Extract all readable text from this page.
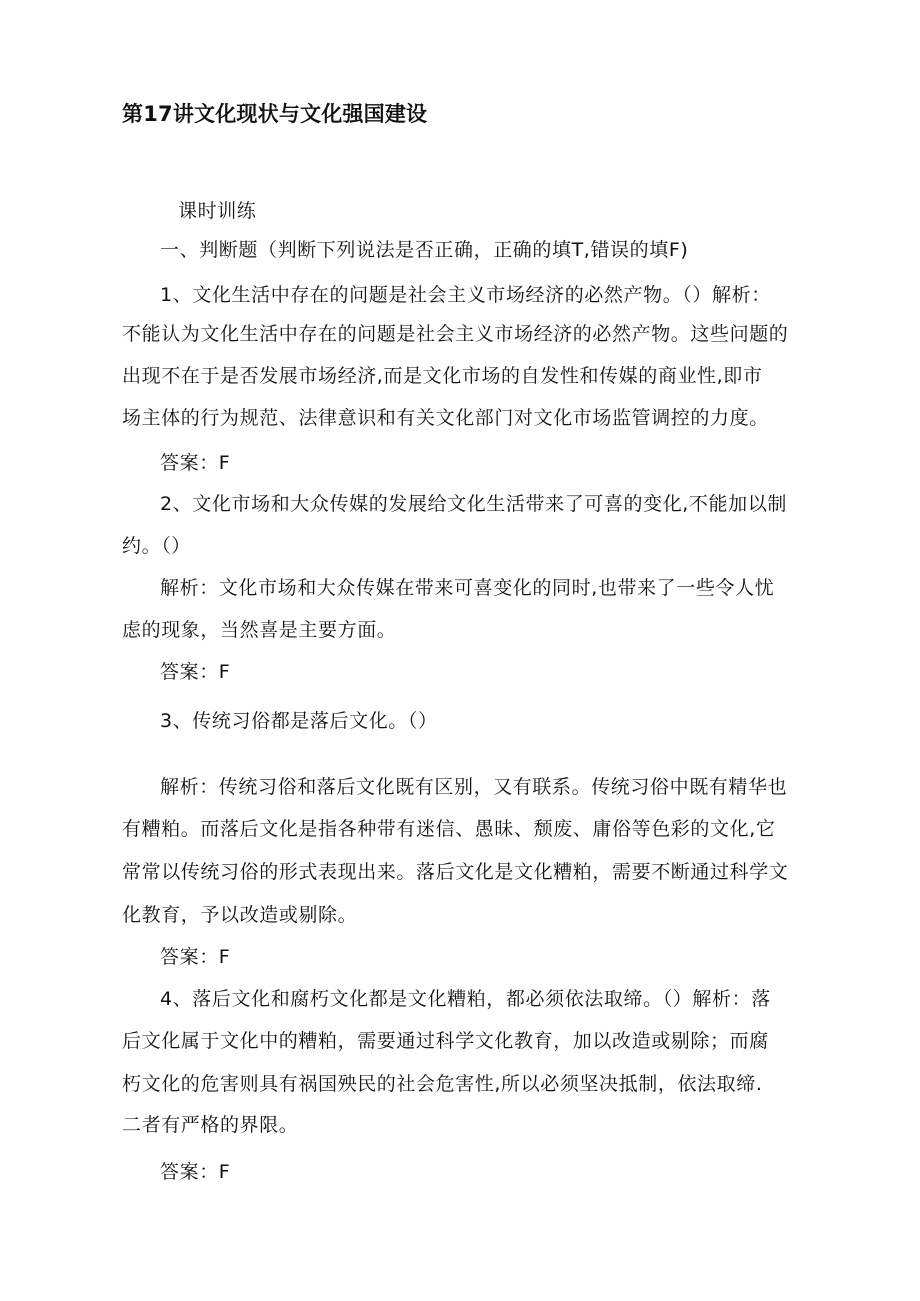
第17讲文化现状与文化强国建设
课时训练
一、判断题（判断下列说法是否正确，正确的填T,错误的填F)
1、文化生活中存在的问题是社会主义市场经济的必然产物。（）解析：
不能认为文化生活中存在的问题是社会主义市场经济的必然产物。这些问题的
出现不在于是否发展市场经济,而是文化市场的自发性和传媒的商业性,即市
场主体的行为规范、法律意识和有关文化部门对文化市场监管调控的力度。
答案：F
2、文化市场和大众传媒的发展给文化生活带来了可喜的变化,不能加以制
约。（）
解析：文化市场和大众传媒在带来可喜变化的同时,也带来了一些令人忧
虑的现象，当然喜是主要方面。
答案：F
3、传统习俗都是落后文化。（）
解析：传统习俗和落后文化既有区别，又有联系。传统习俗中既有精华也
有糟粕。而落后文化是指各种带有迷信、愚昧、颓废、庸俗等色彩的文化,它
常常以传统习俗的形式表现出来。落后文化是文化糟粕，需要不断通过科学文
化教育，予以改造或剔除。
答案：F
4、落后文化和腐朽文化都是文化糟粕，都必须依法取缔。（）解析：落
后文化属于文化中的糟粕，需要通过科学文化教育，加以改造或剔除；而腐
朽文化的危害则具有祸国殃民的社会危害性,所以必须坚决抵制，依法取缔.
二者有严格的界限。
答案：F
